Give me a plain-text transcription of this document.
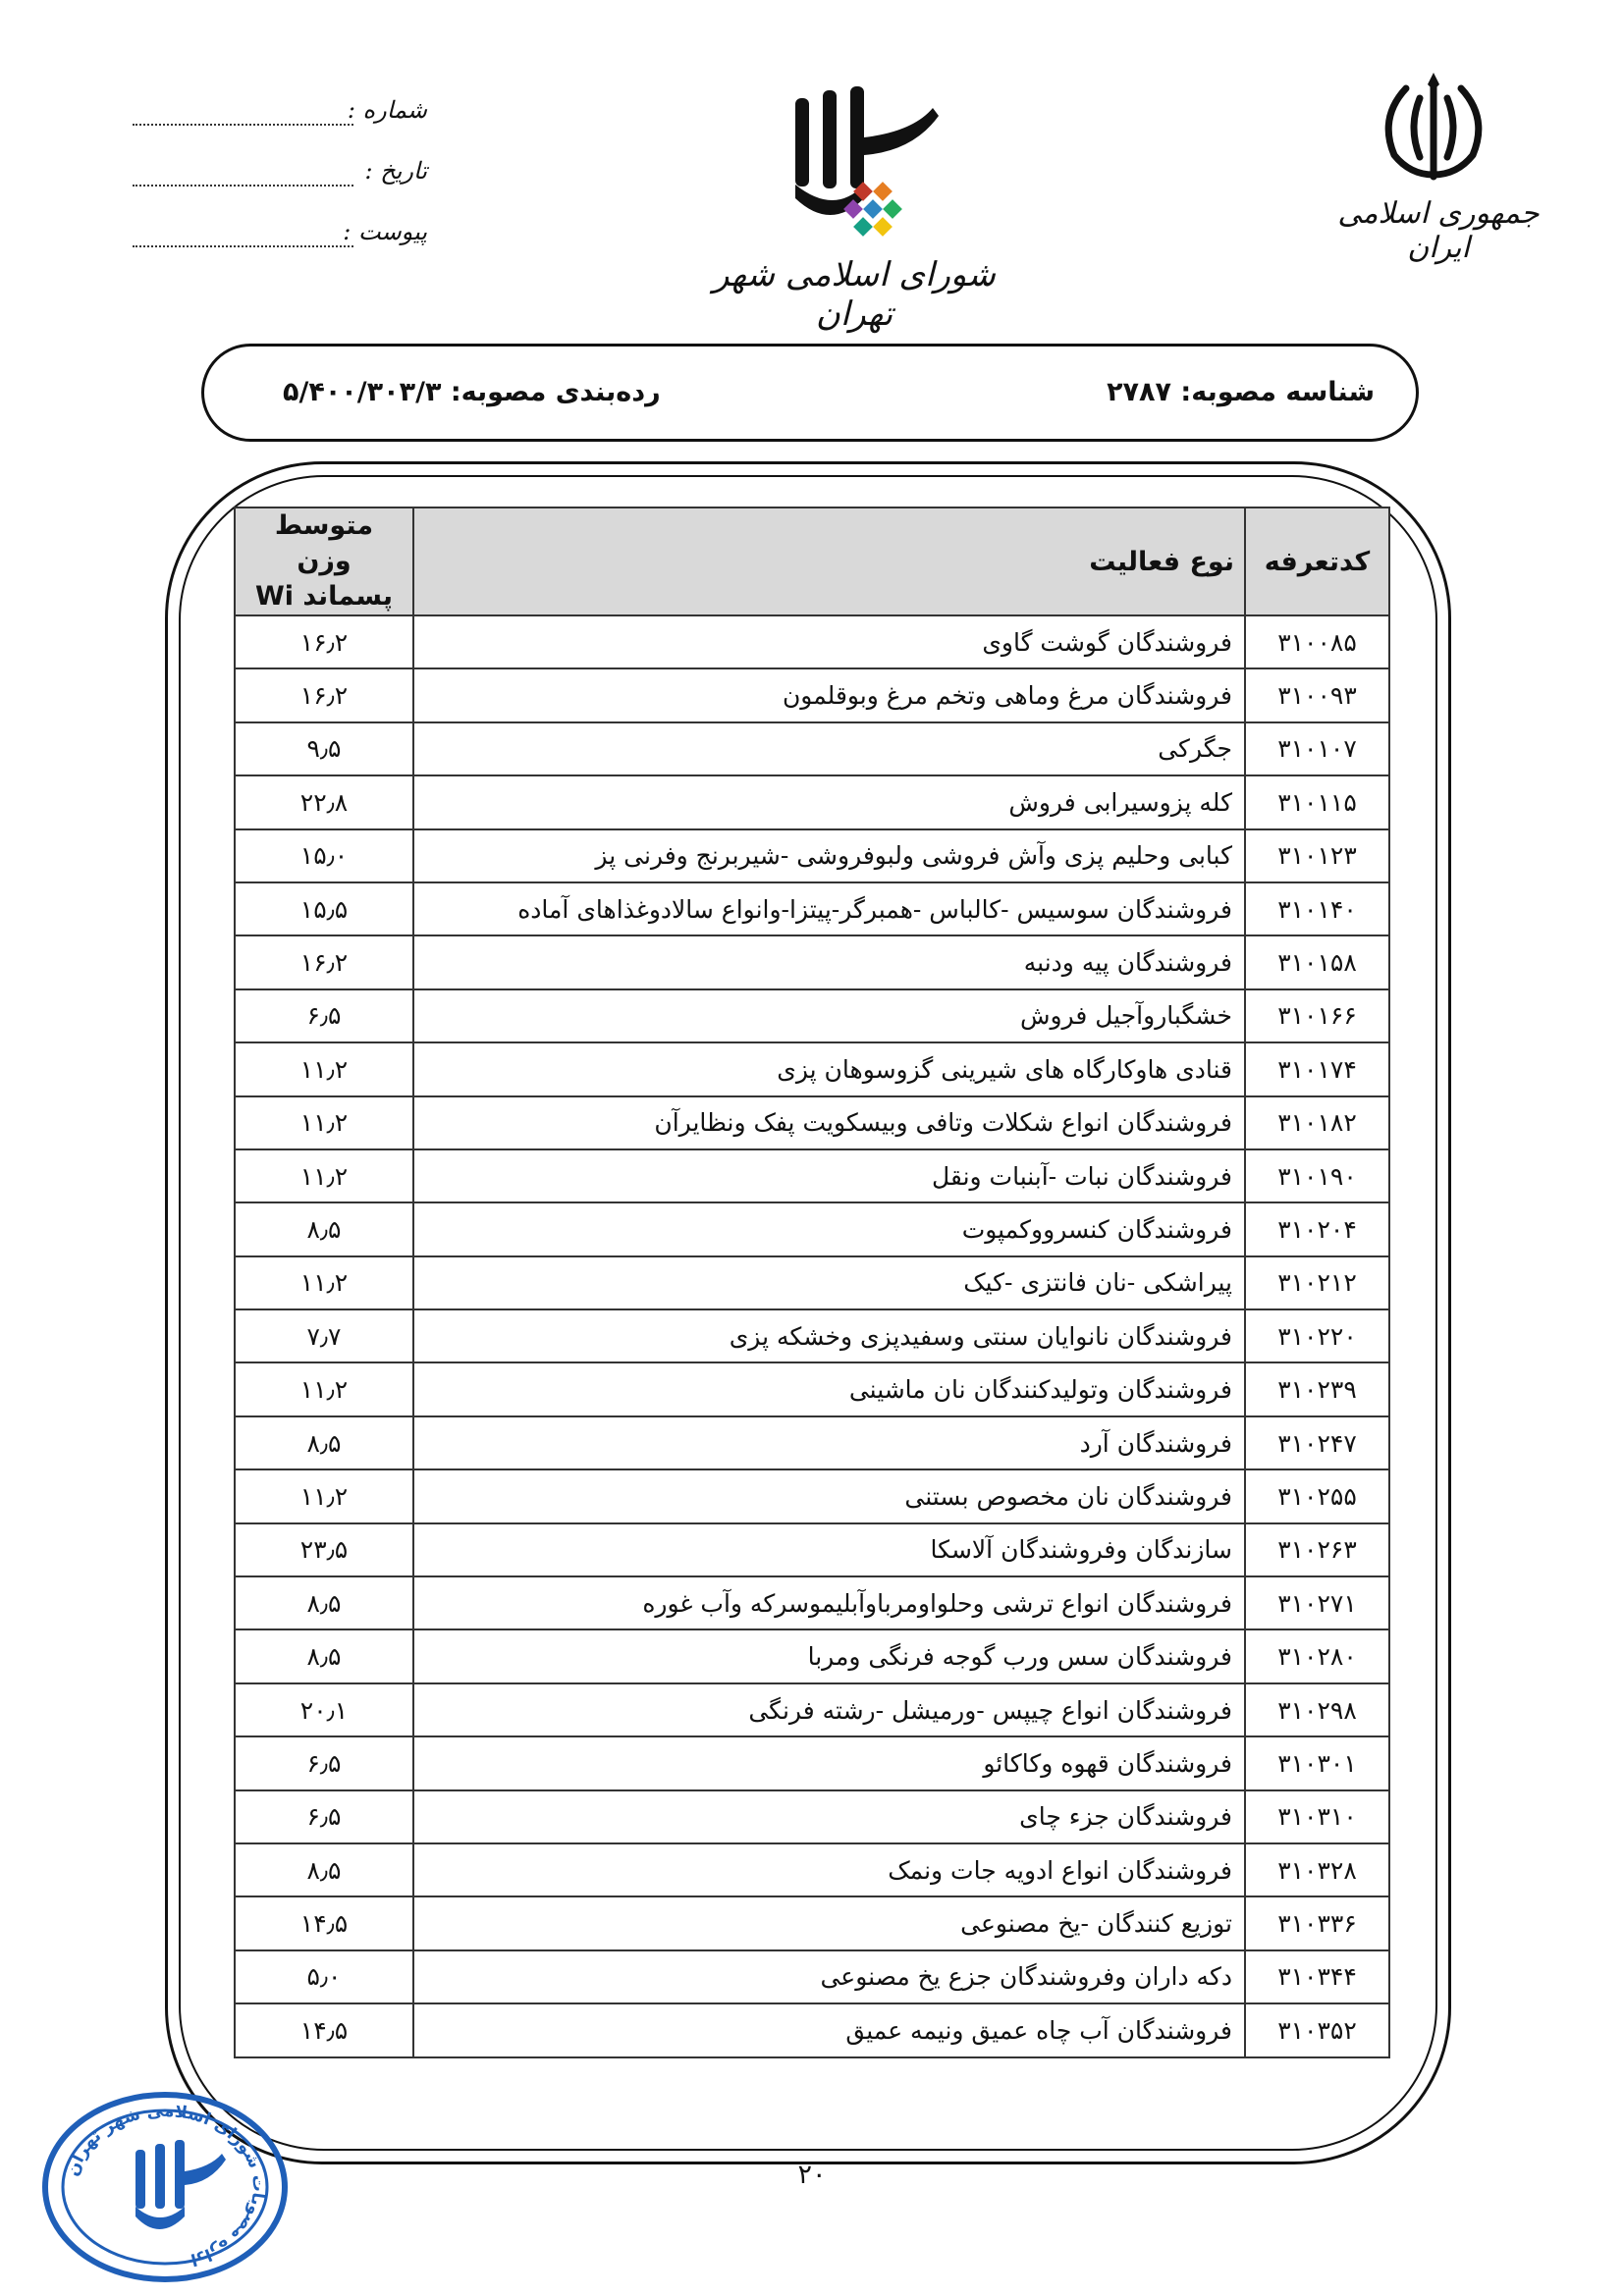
جمهوری اسلامی ایران
شورای اسلامی شهر تهران
شماره :
تاریخ :
پیوست :
شناسه مصوبه: ۲۷۸۷
رده‌بندی مصوبه: ۵/۴۰۰/۳۰۳/۳
کدتعرفه	نوع فعالیت	متوسط وزن
پسماند Wi

۳۱۰۰۸۵	فروشندگان گوشت گاوی	۱۶٫۲
۳۱۰۰۹۳	فروشندگان مرغ وماهی وتخم مرغ وبوقلمون	۱۶٫۲
۳۱۰۱۰۷	جگرکی	۹٫۵
۳۱۰۱۱۵	کله پزوسیرابی فروش	۲۲٫۸
۳۱۰۱۲۳	کبابی وحلیم پزی وآش فروشی ولبوفروشی -شیربرنج وفرنی پز	۱۵٫۰
۳۱۰۱۴۰	فروشندگان سوسیس -کالباس -همبرگر-پیتزا-وانواع سالادوغذاهای آماده	۱۵٫۵
۳۱۰۱۵۸	فروشندگان پیه ودنبه	۱۶٫۲
۳۱۰۱۶۶	خشگباروآجیل فروش	۶٫۵
۳۱۰۱۷۴	قنادی هاوکارگاه های شیرینی گزوسوهان پزی	۱۱٫۲
۳۱۰۱۸۲	فروشندگان انواع شکلات وتافی وبیسکویت پفک ونظایرآن	۱۱٫۲
۳۱۰۱۹۰	فروشندگان نبات -آبنبات ونقل	۱۱٫۲
۳۱۰۲۰۴	فروشندگان کنسرووکمپوت	۸٫۵
۳۱۰۲۱۲	پیراشکی -نان فانتزی -کیک	۱۱٫۲
۳۱۰۲۲۰	فروشندگان نانوایان سنتی وسفیدپزی وخشکه پزی	۷٫۷
۳۱۰۲۳۹	فروشندگان وتولیدکنندگان نان ماشینی	۱۱٫۲
۳۱۰۲۴۷	فروشندگان آرد	۸٫۵
۳۱۰۲۵۵	فروشندگان نان مخصوص بستنی	۱۱٫۲
۳۱۰۲۶۳	سازندگان وفروشندگان آلاسکا	۲۳٫۵
۳۱۰۲۷۱	فروشندگان انواع ترشی وحلواومرباوآبلیموسرکه وآب غوره	۸٫۵
۳۱۰۲۸۰	فروشندگان سس ورب گوجه فرنگی ومربا	۸٫۵
۳۱۰۲۹۸	فروشندگان انواع چیپس -ورمیشل -رشته فرنگی	۲۰٫۱
۳۱۰۳۰۱	فروشندگان قهوه وکاکائو	۶٫۵
۳۱۰۳۱۰	فروشندگان جزء چای	۶٫۵
۳۱۰۳۲۸	فروشندگان انواع ادویه جات ونمک	۸٫۵
۳۱۰۳۳۶	توزیع کنندگان -یخ مصنوعی	۱۴٫۵
۳۱۰۳۴۴	دکه داران وفروشندگان جزع یخ مصنوعی	۵٫۰
۳۱۰۳۵۲	فروشندگان آب چاه عمیق ونیمه عمیق	۱۴٫۵
۲۰
اداره مصوبات شورای اسلامی شهر تهران
